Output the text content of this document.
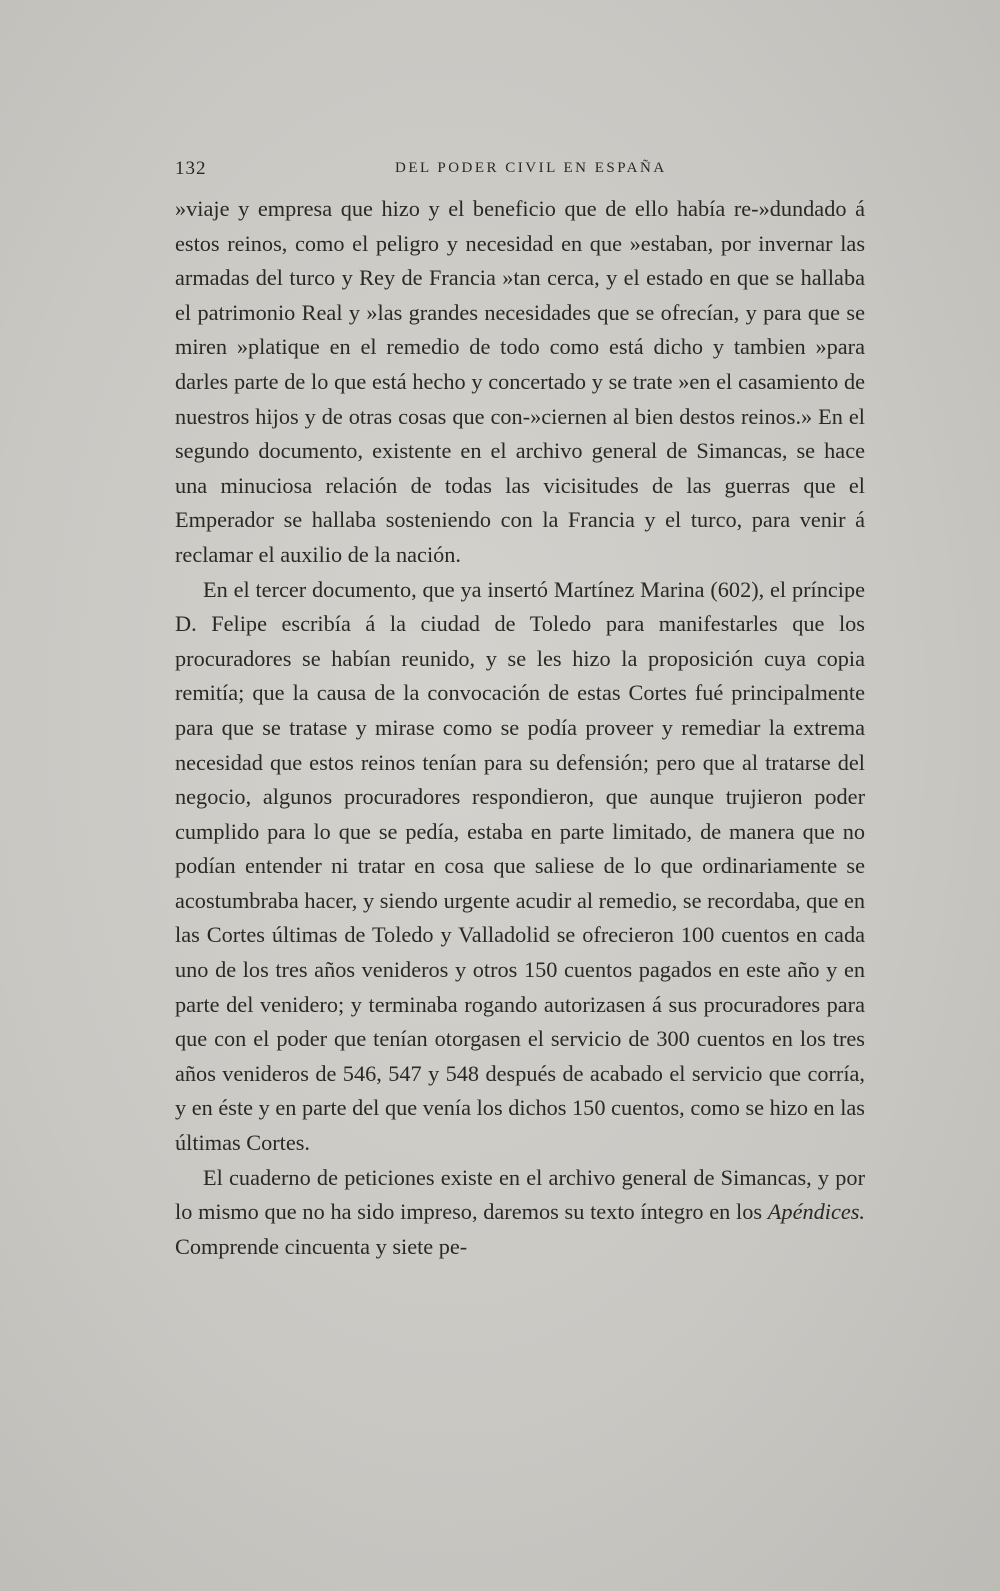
132	DEL PODER CIVIL EN ESPAÑA

»viaje y empresa que hizo y el beneficio que de ello había re-»dundado á estos reinos, como el peligro y necesidad en que »estaban, por invernar las armadas del turco y Rey de Francia »tan cerca, y el estado en que se hallaba el patrimonio Real y »las grandes necesidades que se ofrecían, y para que se miren »platique en el remedio de todo como está dicho y tambien »para darles parte de lo que está hecho y concertado y se trate »en el casamiento de nuestros hijos y de otras cosas que con-»ciernen al bien destos reinos.» En el segundo documento, existente en el archivo general de Simancas, se hace una minuciosa relación de todas las vicisitudes de las guerras que el Emperador se hallaba sosteniendo con la Francia y el turco, para venir á reclamar el auxilio de la nación.

En el tercer documento, que ya insertó Martínez Marina (602), el príncipe D. Felipe escribía á la ciudad de Toledo para manifestarles que los procuradores se habían reunido, y se les hizo la proposición cuya copia remitía; que la causa de la convocación de estas Cortes fué principalmente para que se tratase y mirase como se podía proveer y remediar la extrema necesidad que estos reinos tenían para su defensión; pero que al tratarse del negocio, algunos procuradores respondieron, que aunque trujieron poder cumplido para lo que se pedía, estaba en parte limitado, de manera que no podían entender ni tratar en cosa que saliese de lo que ordinariamente se acostumbraba hacer, y siendo urgente acudir al remedio, se recordaba, que en las Cortes últimas de Toledo y Valladolid se ofrecieron 100 cuentos en cada uno de los tres años venideros y otros 150 cuentos pagados en este año y en parte del venidero; y terminaba rogando autorizasen á sus procuradores para que con el poder que tenían otorgasen el servicio de 300 cuentos en los tres años venideros de 546, 547 y 548 después de acabado el servicio que corría, y en éste y en parte del que venía los dichos 150 cuentos, como se hizo en las últimas Cortes.

El cuaderno de peticiones existe en el archivo general de Simancas, y por lo mismo que no ha sido impreso, daremos su texto íntegro en los Apéndices. Comprende cincuenta y siete pe-
